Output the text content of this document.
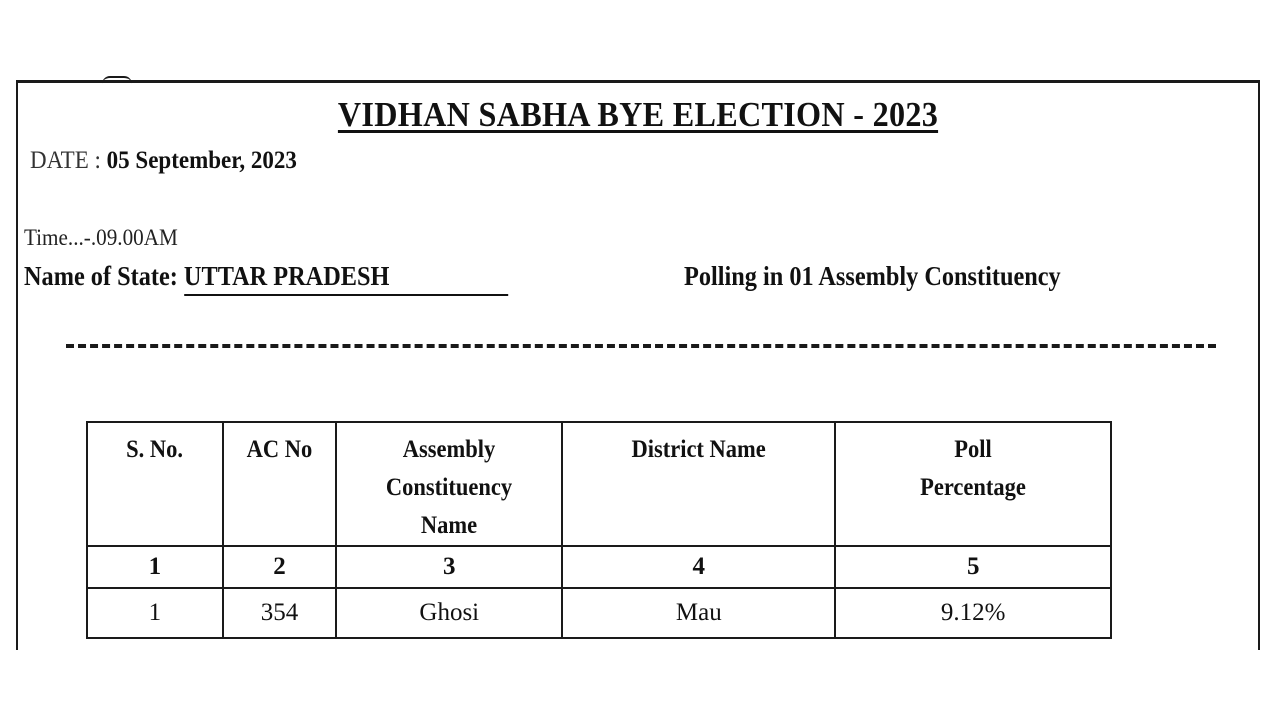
VIDHAN SABHA BYE ELECTION - 2023
DATE : 05 September, 2023
Time...-.09.00AM
Name of State: UTTAR PRADESH	Polling in 01 Assembly Constituency
S. No.	AC No	Assembly Constituency Name	District Name	Poll Percentage
1	2	3	4	5
1	354	Ghosi	Mau	9.12%
